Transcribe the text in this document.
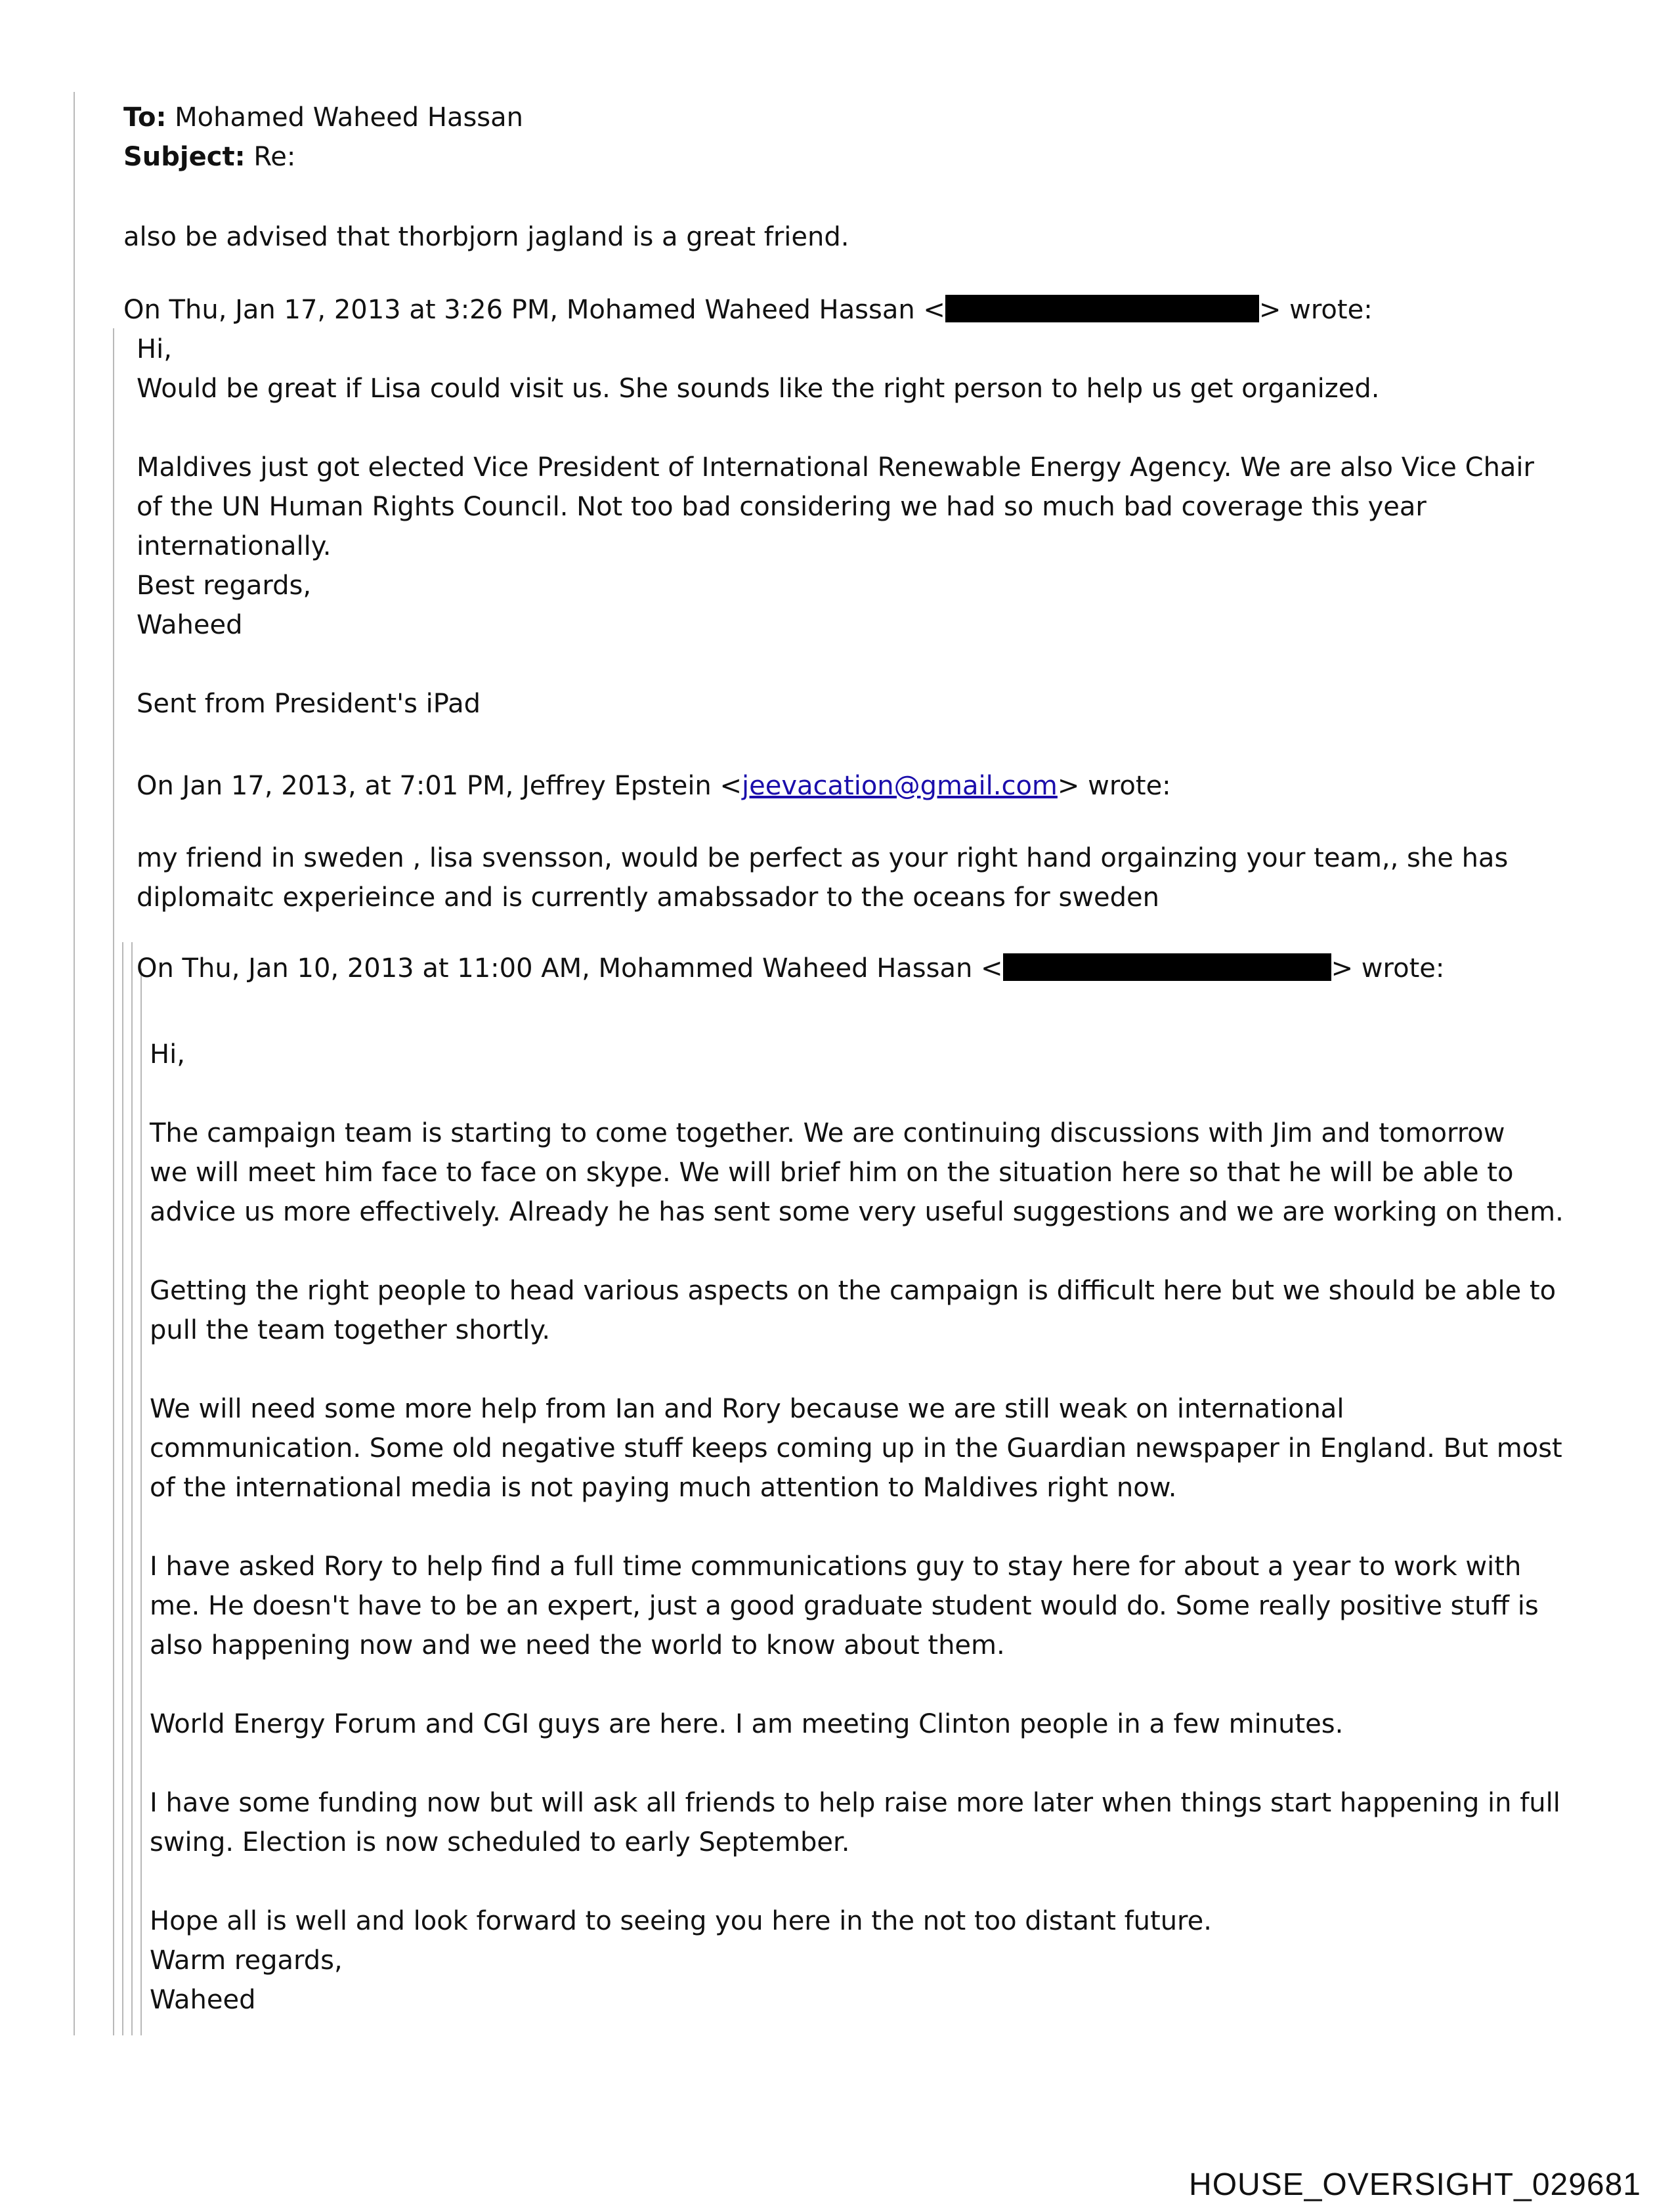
To: Mohamed Waheed Hassan
Subject: Re:
also be advised that thorbjorn jagland is a great friend.
On Thu, Jan 17, 2013 at 3:26 PM, Mohamed Waheed Hassan <	> wrote:
Hi,
Would be great if Lisa could visit us. She sounds like the right person to help us get organized.
Maldives just got elected Vice President of International Renewable Energy Agency. We are also Vice Chair
of the UN Human Rights Council. Not too bad considering we had so much bad coverage this year
internationally.
Best regards,
Waheed
Sent from President's iPad
On Jan 17, 2013, at 7:01 PM, Jeffrey Epstein <jeevacation@gmail.com> wrote:
my friend in sweden , lisa svensson, would be perfect as your right hand orgainzing your team,, she has
diplomaitc experieince and is currently amabssador to the oceans for sweden
On Thu, Jan 10, 2013 at 11:00 AM, Mohammed Waheed Hassan <	> wrote:
Hi,
The campaign team is starting to come together. We are continuing discussions with Jim and tomorrow
we will meet him face to face on skype. We will brief him on the situation here so that he will be able to
advice us more effectively. Already he has sent some very useful suggestions and we are working on them.
Getting the right people to head various aspects on the campaign is difficult here but we should be able to
pull the team together shortly.
We will need some more help from Ian and Rory because we are still weak on international
communication. Some old negative stuff keeps coming up in the Guardian newspaper in England. But most
of the international media is not paying much attention to Maldives right now.
I have asked Rory to help find a full time communications guy to stay here for about a year to work with
me. He doesn't have to be an expert, just a good graduate student would do. Some really positive stuff is
also happening now and we need the world to know about them.
World Energy Forum and CGI guys are here. I am meeting Clinton people in a few minutes.
I have some funding now but will ask all friends to help raise more later when things start happening in full
swing. Election is now scheduled to early September.
Hope all is well and look forward to seeing you here in the not too distant future.
Warm regards,
Waheed
HOUSE_OVERSIGHT_029681
